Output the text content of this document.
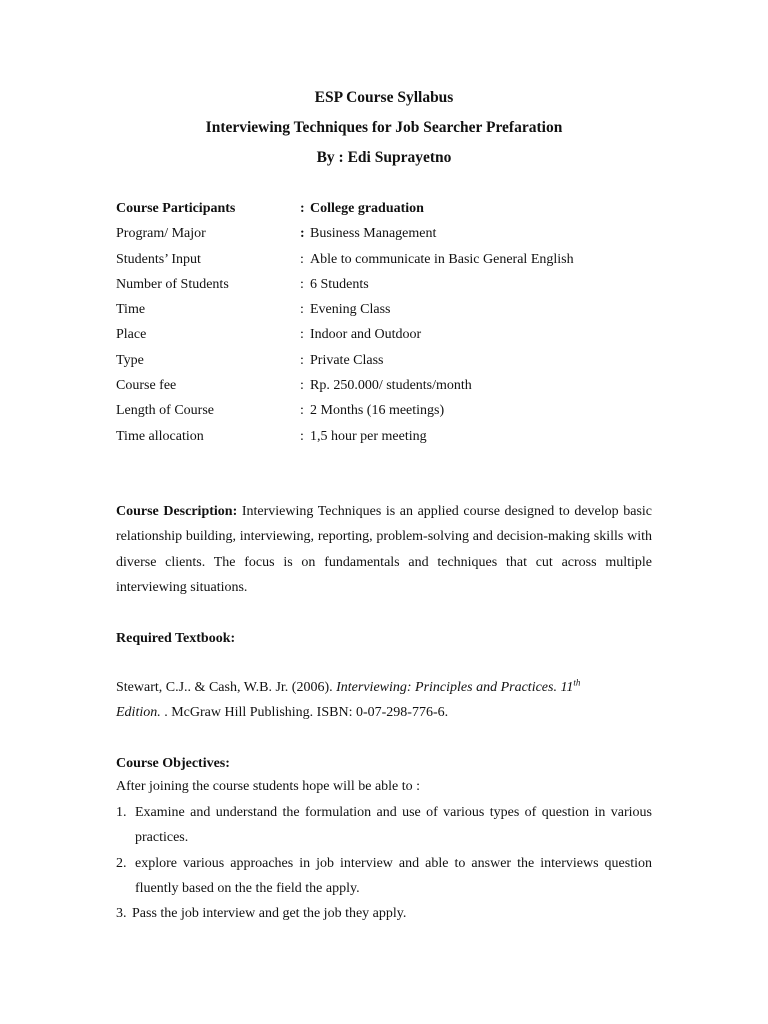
ESP Course Syllabus
Interviewing Techniques for Job Searcher Prefaration
By : Edi Suprayetno
Course Participants	: College graduation
Program/ Major	: Business Management
Students’ Input	: Able to communicate in Basic General English
Number of Students	: 6 Students
Time	: Evening Class
Place	: Indoor and Outdoor
Type	: Private Class
Course fee	: Rp. 250.000/ students/month
Length of Course	: 2 Months (16 meetings)
Time allocation	: 1,5 hour per meeting
Course Description: Interviewing Techniques is an applied course designed to develop basic relationship building, interviewing, reporting, problem-solving and decision-making skills with diverse clients. The focus is on fundamentals and techniques that cut across multiple interviewing situations.
Required Textbook:
Stewart, C.J.. & Cash, W.B. Jr. (2006). Interviewing: Principles and Practices. 11th
Edition. . McGraw Hill Publishing. ISBN: 0-07-298-776-6.
Course Objectives:
After joining the course students hope will be able to :
1. Examine and understand the formulation and use of various types of question in various practices.
2. explore various approaches in job interview and able to answer the interviews question fluently based on the the field the apply.
3. Pass the job interview and get the job they apply.
